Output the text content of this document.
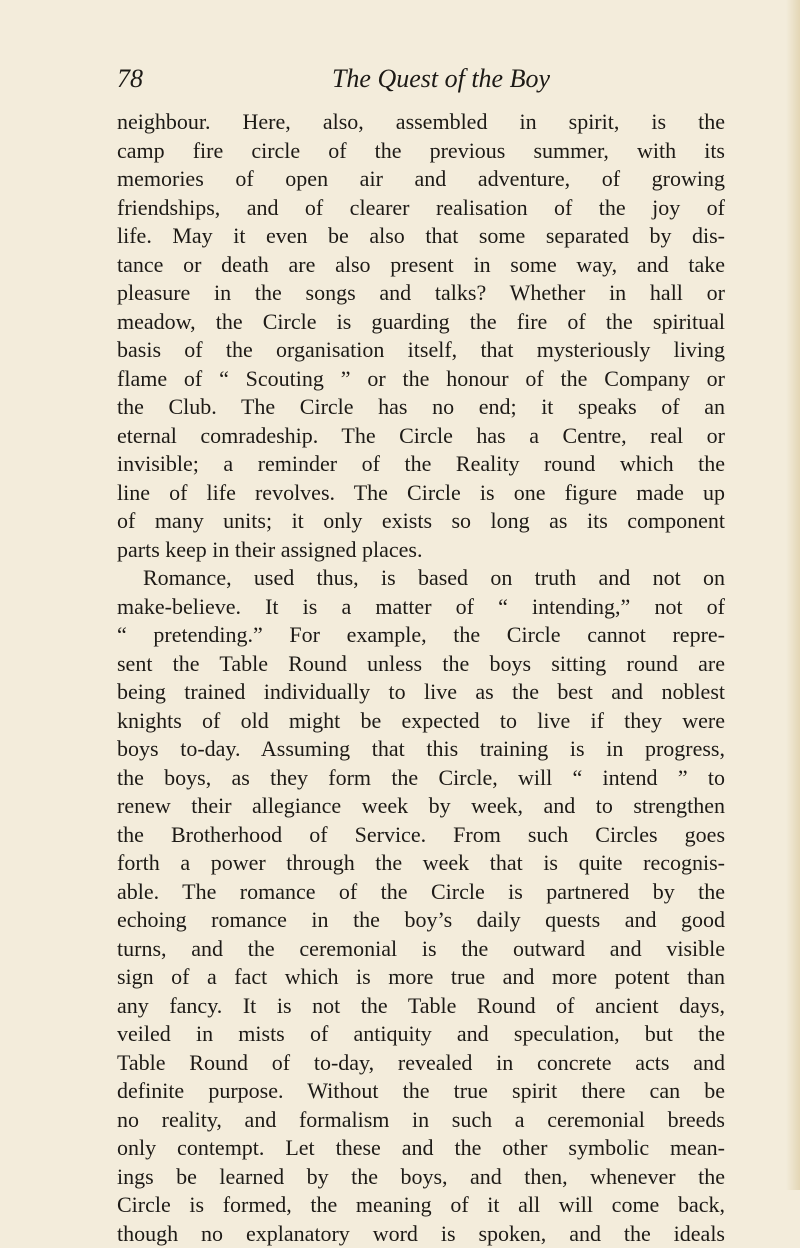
78	The Quest of the Boy
neighbour. Here, also, assembled in spirit, is the
camp fire circle of the previous summer, with its
memories of open air and adventure, of growing
friendships, and of clearer realisation of the joy of
life. May it even be also that some separated by dis-
tance or death are also present in some way, and take
pleasure in the songs and talks? Whether in hall or
meadow, the Circle is guarding the fire of the spiritual
basis of the organisation itself, that mysteriously living
flame of “ Scouting ” or the honour of the Company or
the Club. The Circle has no end; it speaks of an
eternal comradeship. The Circle has a Centre, real or
invisible; a reminder of the Reality round which the
line of life revolves. The Circle is one figure made up
of many units; it only exists so long as its component
parts keep in their assigned places.
Romance, used thus, is based on truth and not on
make-believe. It is a matter of “ intending,” not of
“ pretending.” For example, the Circle cannot repre-
sent the Table Round unless the boys sitting round are
being trained individually to live as the best and noblest
knights of old might be expected to live if they were
boys to-day. Assuming that this training is in progress,
the boys, as they form the Circle, will “ intend ” to
renew their allegiance week by week, and to strengthen
the Brotherhood of Service. From such Circles goes
forth a power through the week that is quite recognis-
able. The romance of the Circle is partnered by the
echoing romance in the boy’s daily quests and good
turns, and the ceremonial is the outward and visible
sign of a fact which is more true and more potent than
any fancy. It is not the Table Round of ancient days,
veiled in mists of antiquity and speculation, but the
Table Round of to-day, revealed in concrete acts and
definite purpose. Without the true spirit there can be
no reality, and formalism in such a ceremonial breeds
only contempt. Let these and the other symbolic mean-
ings be learned by the boys, and then, whenever the
Circle is formed, the meaning of it all will come back,
though no explanatory word is spoken, and the ideals
